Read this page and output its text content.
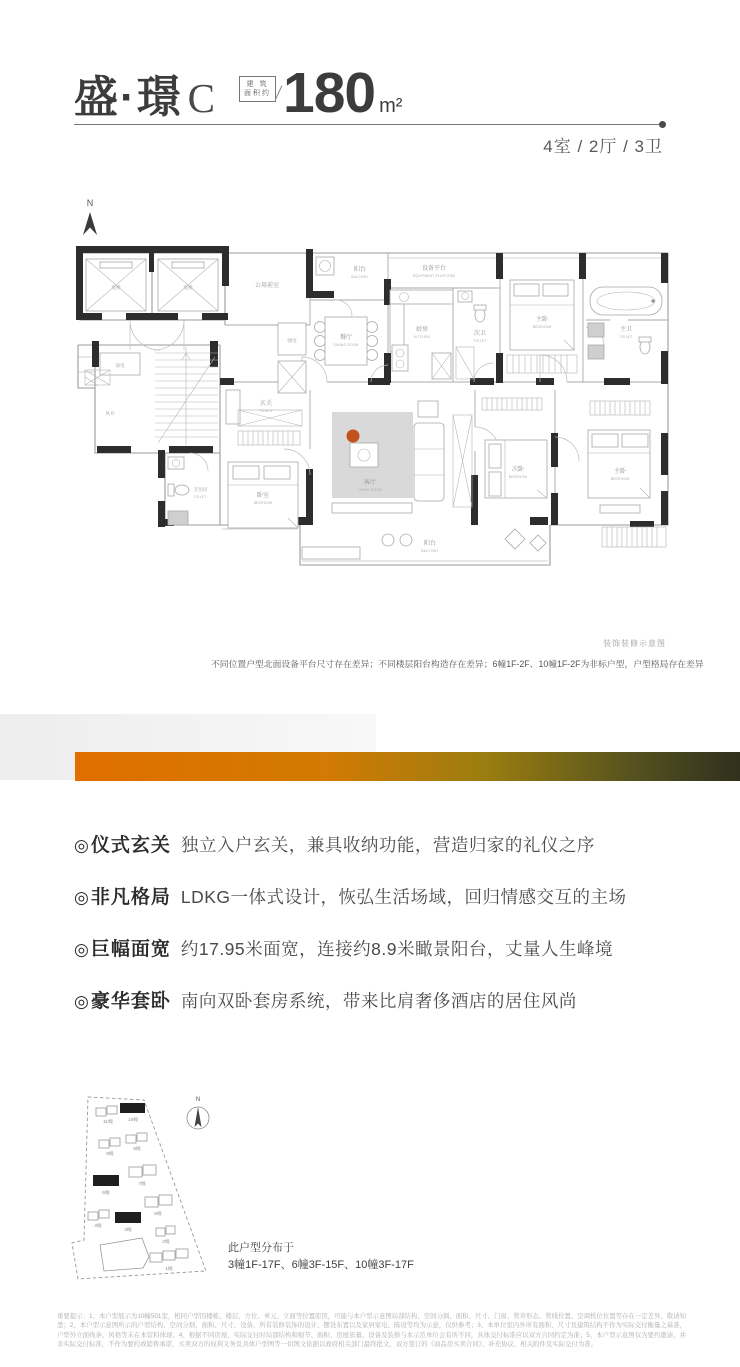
盛·璟 C	建 筑
面积约 180 m²
4室 / 2厅 / 3卫
N
电梯	电梯
阳台
BALCONY
设备平台
EQUIPMENT PLATFORM
厨房
KITCHEN	次卫
TOILET
主卧
BEDROOM	主卫
TOILET
餐厅
DINING ROOM
强电
玄关
PORCH
弱电
风井
卫生间
TOILET	卧室
BEDROOM
客厅
LIVING ROOM
次卧
BEDROOM
主卧
BEDROOM
阳台
BALCONY
公用前室
装饰装修示意图
不同位置户型北面设备平台尺寸存在差异；不同楼层阳台构造存在差异；6幢1F-2F、10幢1F-2F为非标户型，户型格局存在差异
◎ 仪式玄关 独立入户玄关，兼具收纳功能，营造归家的礼仪之序
◎ 非凡格局 LDKG一体式设计，恢弘生活场域，回归情感交互的主场
◎ 巨幅面宽 约17.95米面宽，连接约8.9米瞰景阳台，丈量人生峰境
◎ 豪华套卧 南向双卧套房系统，带来比肩奢侈酒店的居住风尚
N
11幢	10幢
9幢
8幢
7幢
6幢
5幢
4幢
3幢
2幢
1幢
此户型分布于
3幢1F-17F、6幢3F-15F、10幢3F-17F
重要提示：1、本户型展示为10幢501室，相同户型因楼栋、楼层、方位、单元、立面等位置原因，可能与本户型示意图局部结构、空间分割、面积、尺寸、门窗、管井形态、管线位置、空调机位位置等存在一定差异，敬请知悉；2、本户型示意图所示的户型结构、空间分割、面积、尺寸、设备、所有装修装饰的设计、摆设布置以及家居家电、陈设等均为示意，仅供参考；3、本单位室内外所有面积、尺寸及建筑结构不作为实际交付衡量之基准，户型外立面线条、风格等未在本资料体现；4、根据不同房屋，实际交付时局部结构和细节、面积、房屋质量、设备及装修与本示范单位会有所不同，具体交付标准应以双方合同约定为准；5、本户型示意图仅为要约邀请，并非实际交付标准，不作为要约或销售承诺，买卖双方的权利义务及具体户型图等一切图文依据以政府相关部门最终批文、双方签订的《商品房买卖合同》、补充协议、相关附件及实际交付为准。
